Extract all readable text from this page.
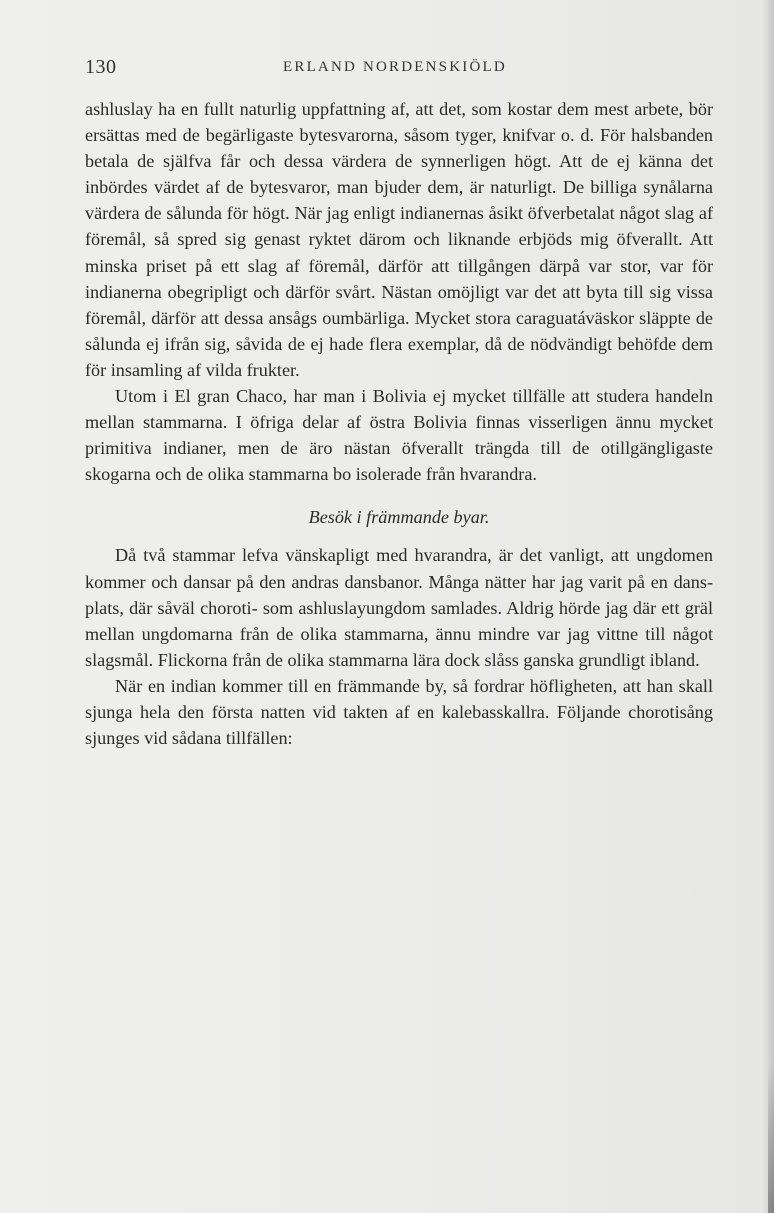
130	ERLAND NORDENSKIÖLD

ashluslay ha en fullt naturlig uppfattning af, att det, som kostar dem mest arbete, bör ersättas med de begärligaste bytesvarorna, såsom tyger, knifvar o. d. För halsbanden betala de själfva får och dessa värdera de synnerligen högt. Att de ej känna det inbördes värdet af de bytesvaror, man bjuder dem, är naturligt. De billiga synålarna värdera de sålunda för högt. När jag enligt indianernas åsikt öfverbetalat något slag af föremål, så spred sig genast ryktet därom och liknande erbjöds mig öfverallt. Att minska priset på ett slag af föremål, därför att tillgången därpå var stor, var för indianerna obegripligt och därför svårt. Nästan omöjligt var det att byta till sig vissa föremål, därför att dessa ansågs oumbärliga. Mycket stora caraguatáväskor släppte de sålunda ej ifrån sig, såvida de ej hade flera exemplar, då de nödvändigt behöfde dem för insamling af vilda frukter.

Utom i El gran Chaco, har man i Bolivia ej mycket tillfälle att studera handeln mellan stammarna. I öfriga delar af östra Bolivia finnas visserligen ännu mycket primitiva indianer, men de äro nästan öfverallt trängda till de otillgängligaste skogarna och de olika stammarna bo isolerade från hvarandra.

Besök i främmande byar.

Då två stammar lefva vänskapligt med hvarandra, är det vanligt, att ungdomen kommer och dansar på den andras dansbanor. Många nätter har jag varit på en dansplats, där såväl choroti- som ashluslayungdom samlades. Aldrig hörde jag där ett gräl mellan ungdomarna från de olika stammarna, ännu mindre var jag vittne till något slagsmål. Flickorna från de olika stammarna lära dock slåss ganska grundligt ibland.

När en indian kommer till en främmande by, så fordrar höfligheten, att han skall sjunga hela den första natten vid takten af en kalebasskallra. Följande chorotisång sjunges vid sådana tillfällen:
